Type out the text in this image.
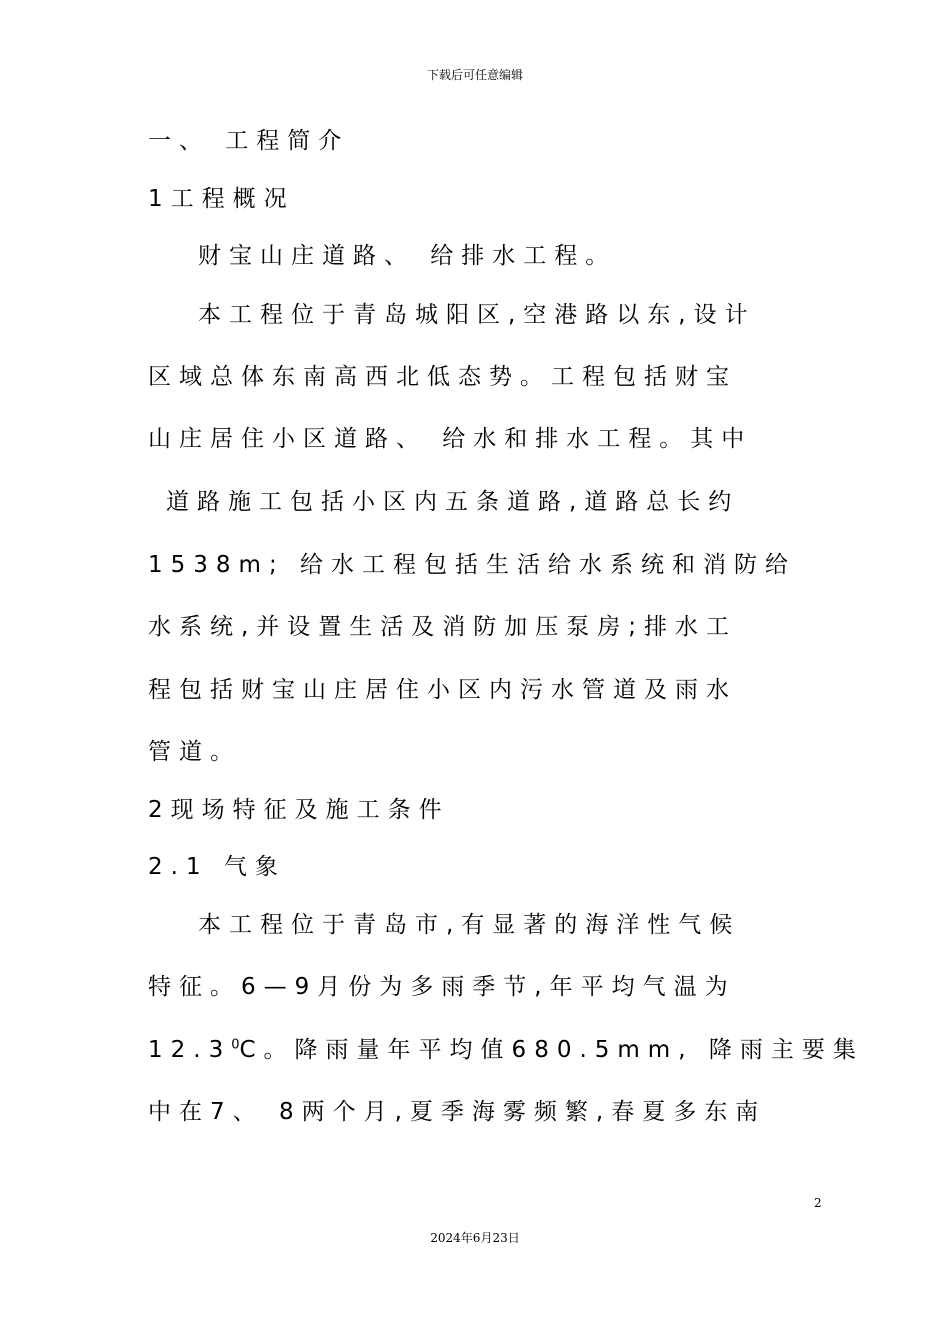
下载后可任意编辑
一、 工程简介
1工程概况
财宝山庄道路、 给排水工程。
本工程位于青岛城阳区,空港路以东,设计
区域总体东南高西北低态势。工程包括财宝
山庄居住小区道路、 给水和排水工程。其中
道路施工包括小区内五条道路,道路总长约
1538m; 给水工程包括生活给水系统和消防给
水系统,并设置生活及消防加压泵房;排水工
程包括财宝山庄居住小区内污水管道及雨水
管道。
2现场特征及施工条件
2.1 气象
本工程位于青岛市,有显著的海洋性气候
特征。6—9月份为多雨季节,年平均气温为
12.3$^0$C。降雨量年平均值680.5mm, 降雨主要集
中在7、 8两个月,夏季海雾频繁,春夏多东南
2
2024年6月23日
